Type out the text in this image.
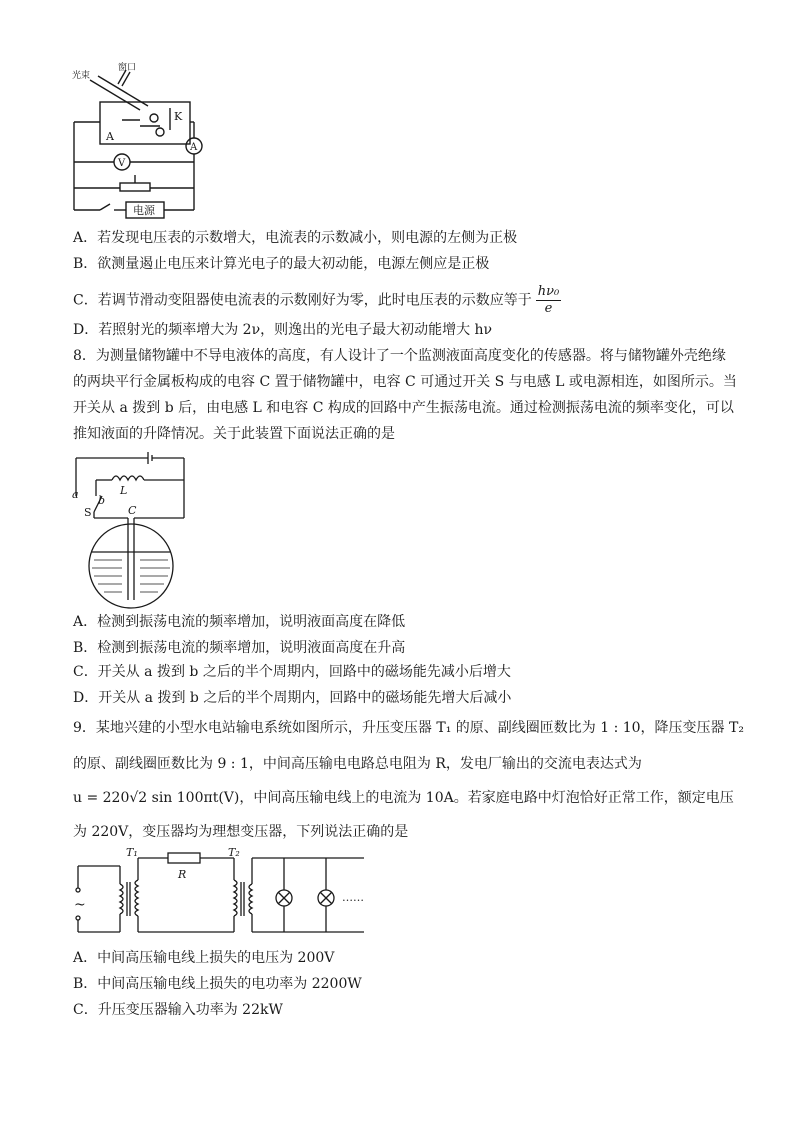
光束
窗口
K
A
V
A
电源
A．若发现电压表的示数增大，电流表的示数减小，则电源的左侧为正极
B．欲测量遏止电压来计算光电子的最大初动能，电源左侧应是正极
C．若调节滑动变阻器使电流表的示数刚好为零，此时电压表的示数应等于 $\frac{\text{hν₀}}{e}$
D．若照射光的频率增大为 2ν，则逸出的光电子最大初动能增大 hν
8．为测量储物罐中不导电液体的高度，有人设计了一个监测液面高度变化的传感器。将与储物罐外壳绝缘
的两块平行金属板构成的电容 C 置于储物罐中，电容 C 可通过开关 S 与电感 L 或电源相连，如图所示。当
开关从 a 拨到 b 后，由电感 L 和电容 C 构成的回路中产生振荡电流。通过检测振荡电流的频率变化，可以
推知液面的升降情况。关于此装置下面说法正确的是
a b
S
L
C
A．检测到振荡电流的频率增加，说明液面高度在降低
B．检测到振荡电流的频率增加，说明液面高度在升高
C．开关从 a 拨到 b 之后的半个周期内，回路中的磁场能先减小后增大
D．开关从 a 拨到 b 之后的半个周期内，回路中的磁场能先增大后减小
9．某地兴建的小型水电站输电系统如图所示，升压变压器 T₁ 的原、副线圈匝数比为 1 : 10，降压变压器 T₂
的原、副线圈匝数比为 9 : 1，中间高压输电电路总电阻为 R，发电厂输出的交流电表达式为
u = 220√2 sin 100πt(V)，中间高压输电线上的电流为 10A。若家庭电路中灯泡恰好正常工作，额定电压
为 220V，变压器均为理想变压器，下列说法正确的是
~
T₁
R
T₂
……
A．中间高压输电线上损失的电压为 200V
B．中间高压输电线上损失的电功率为 2200W
C．升压变压器输入功率为 22kW
